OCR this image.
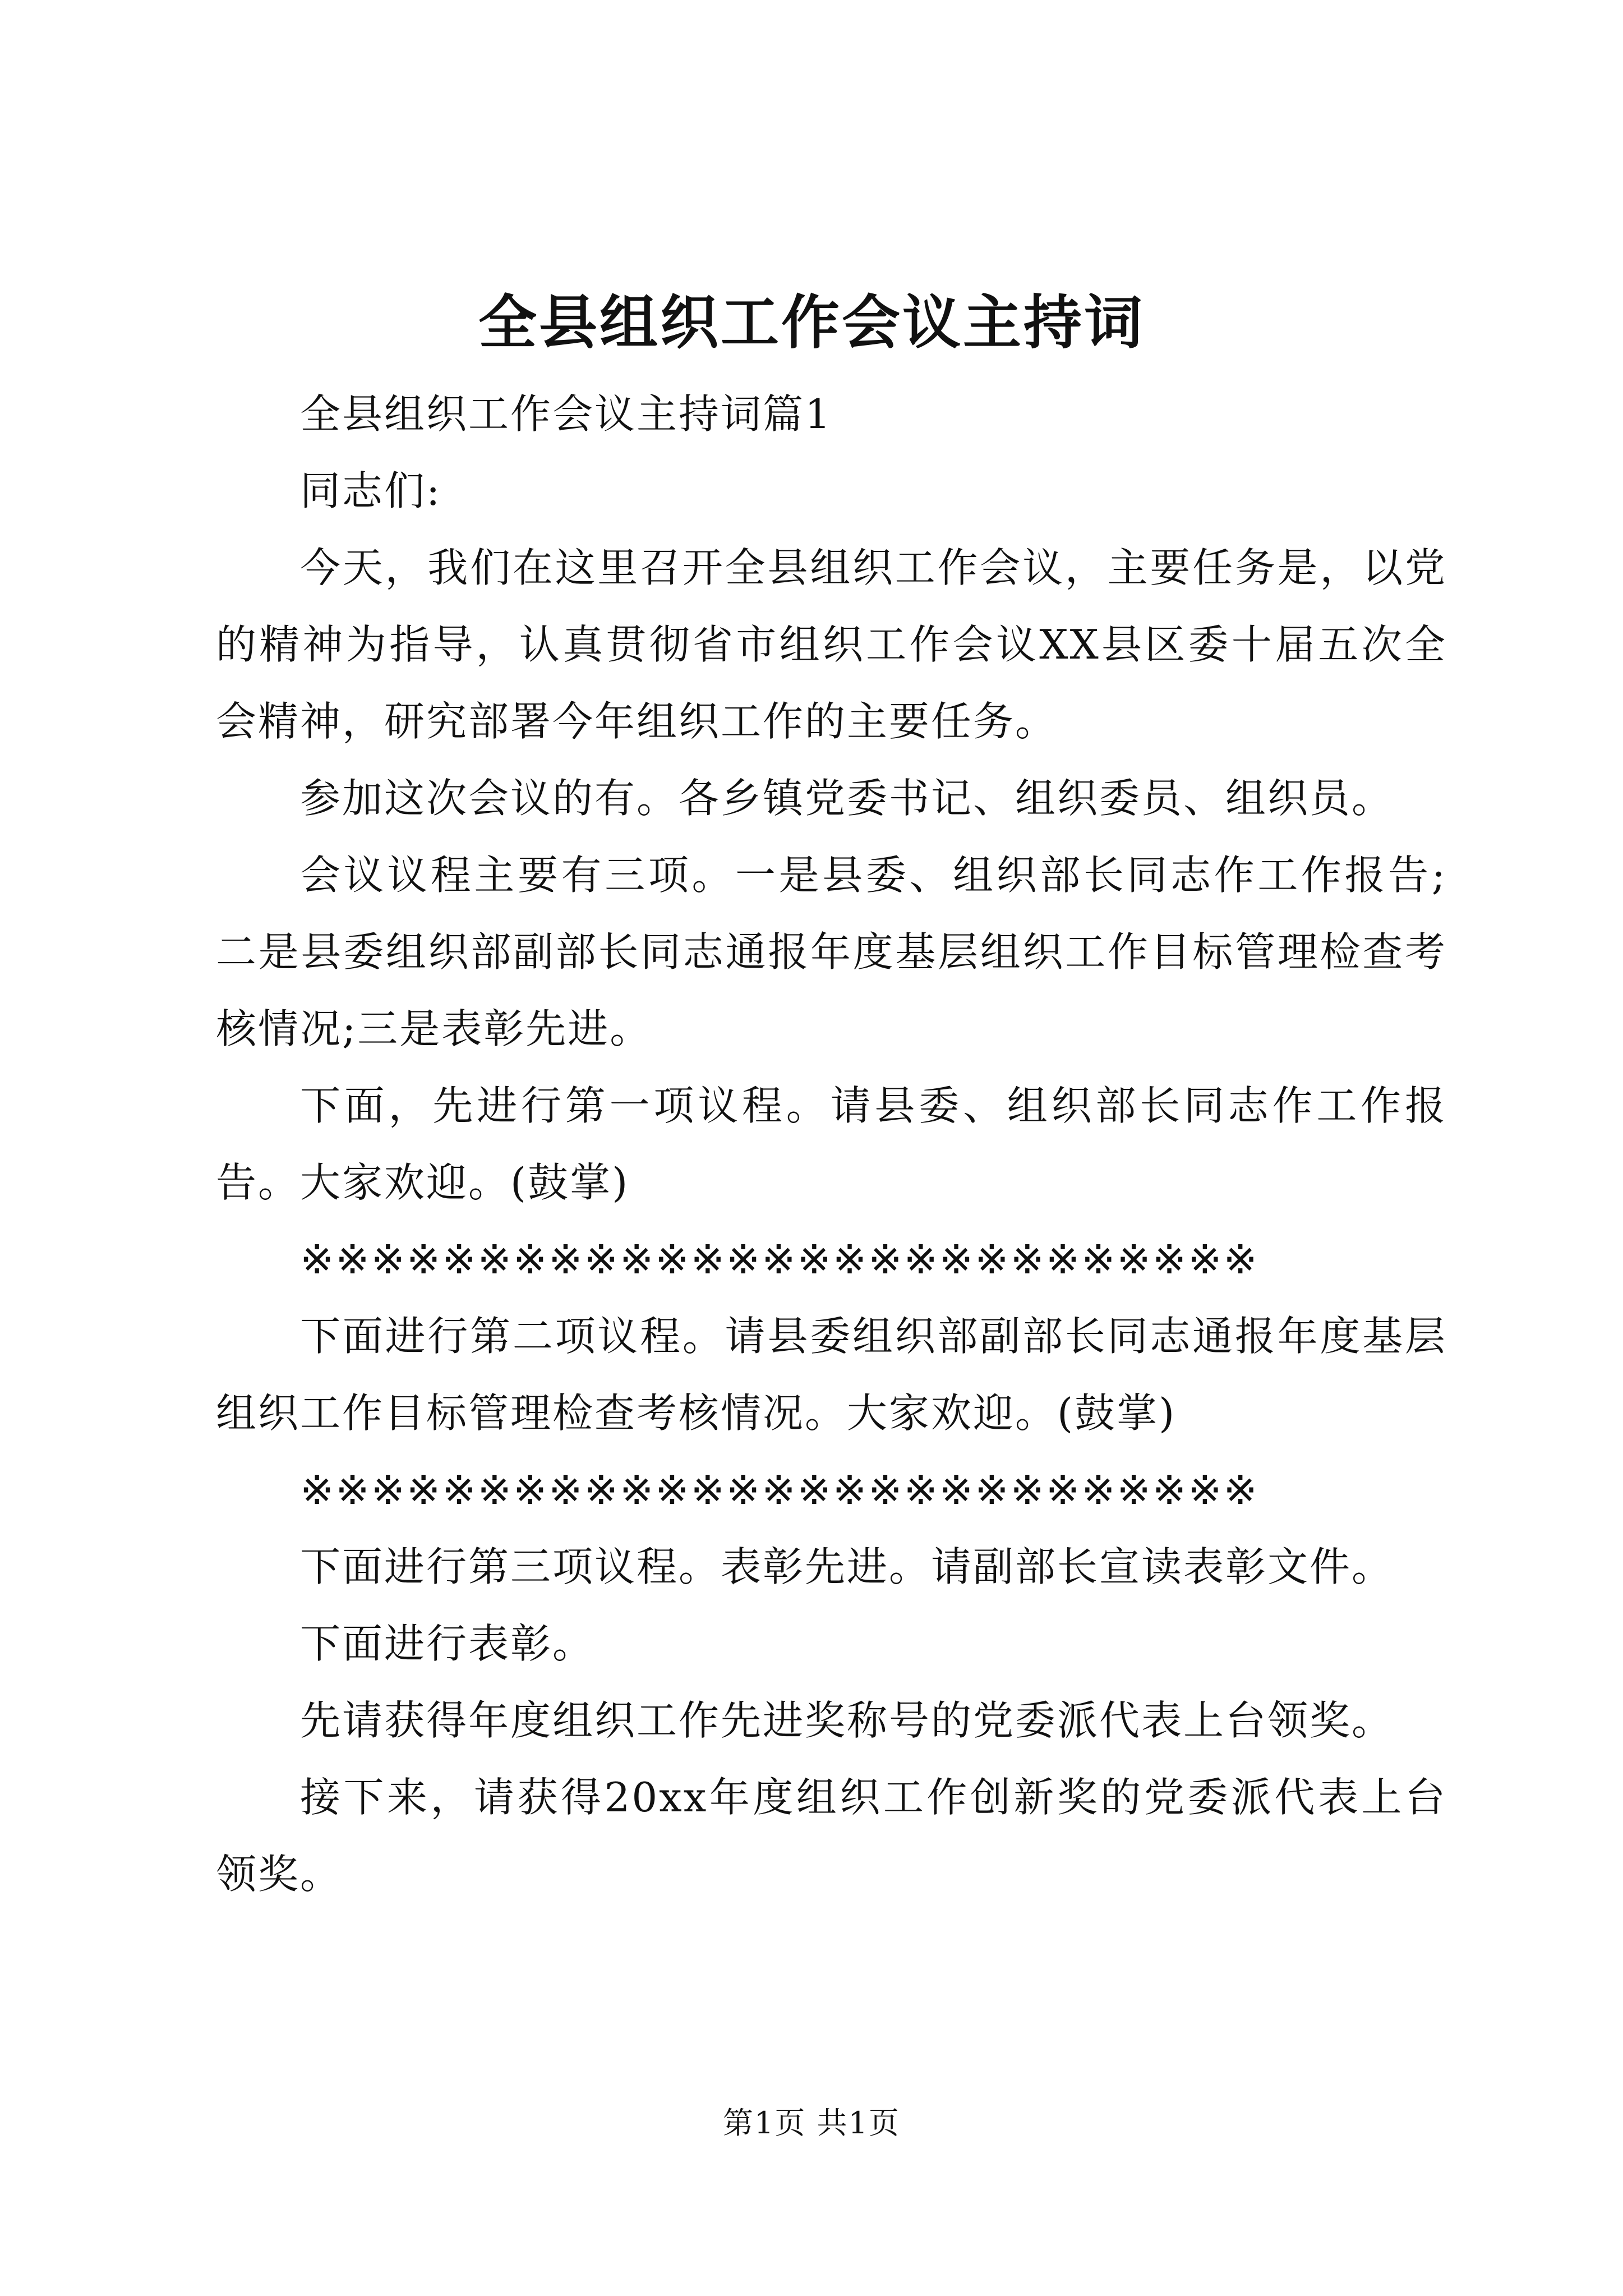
全县组织工作会议主持词

全县组织工作会议主持词篇1

同志们:

今天，我们在这里召开全县组织工作会议，主要任务是，以党的精神为指导，认真贯彻省市组织工作会议XX县区委十届五次全会精神，研究部署今年组织工作的主要任务。

参加这次会议的有。各乡镇党委书记、组织委员、组织员。

会议议程主要有三项。一是县委、组织部长同志作工作报告;二是县委组织部副部长同志通报年度基层组织工作目标管理检查考核情况;三是表彰先进。

下面，先进行第一项议程。请县委、组织部长同志作工作报告。大家欢迎。(鼓掌)

※※※※※※※※※※※※※※※※※※※※※※※※※※※

下面进行第二项议程。请县委组织部副部长同志通报年度基层组织工作目标管理检查考核情况。大家欢迎。(鼓掌)

※※※※※※※※※※※※※※※※※※※※※※※※※※※

下面进行第三项议程。表彰先进。请副部长宣读表彰文件。

下面进行表彰。

先请获得年度组织工作先进奖称号的党委派代表上台领奖。

接下来，请获得20xx年度组织工作创新奖的党委派代表上台领奖。

第1页 共1页
